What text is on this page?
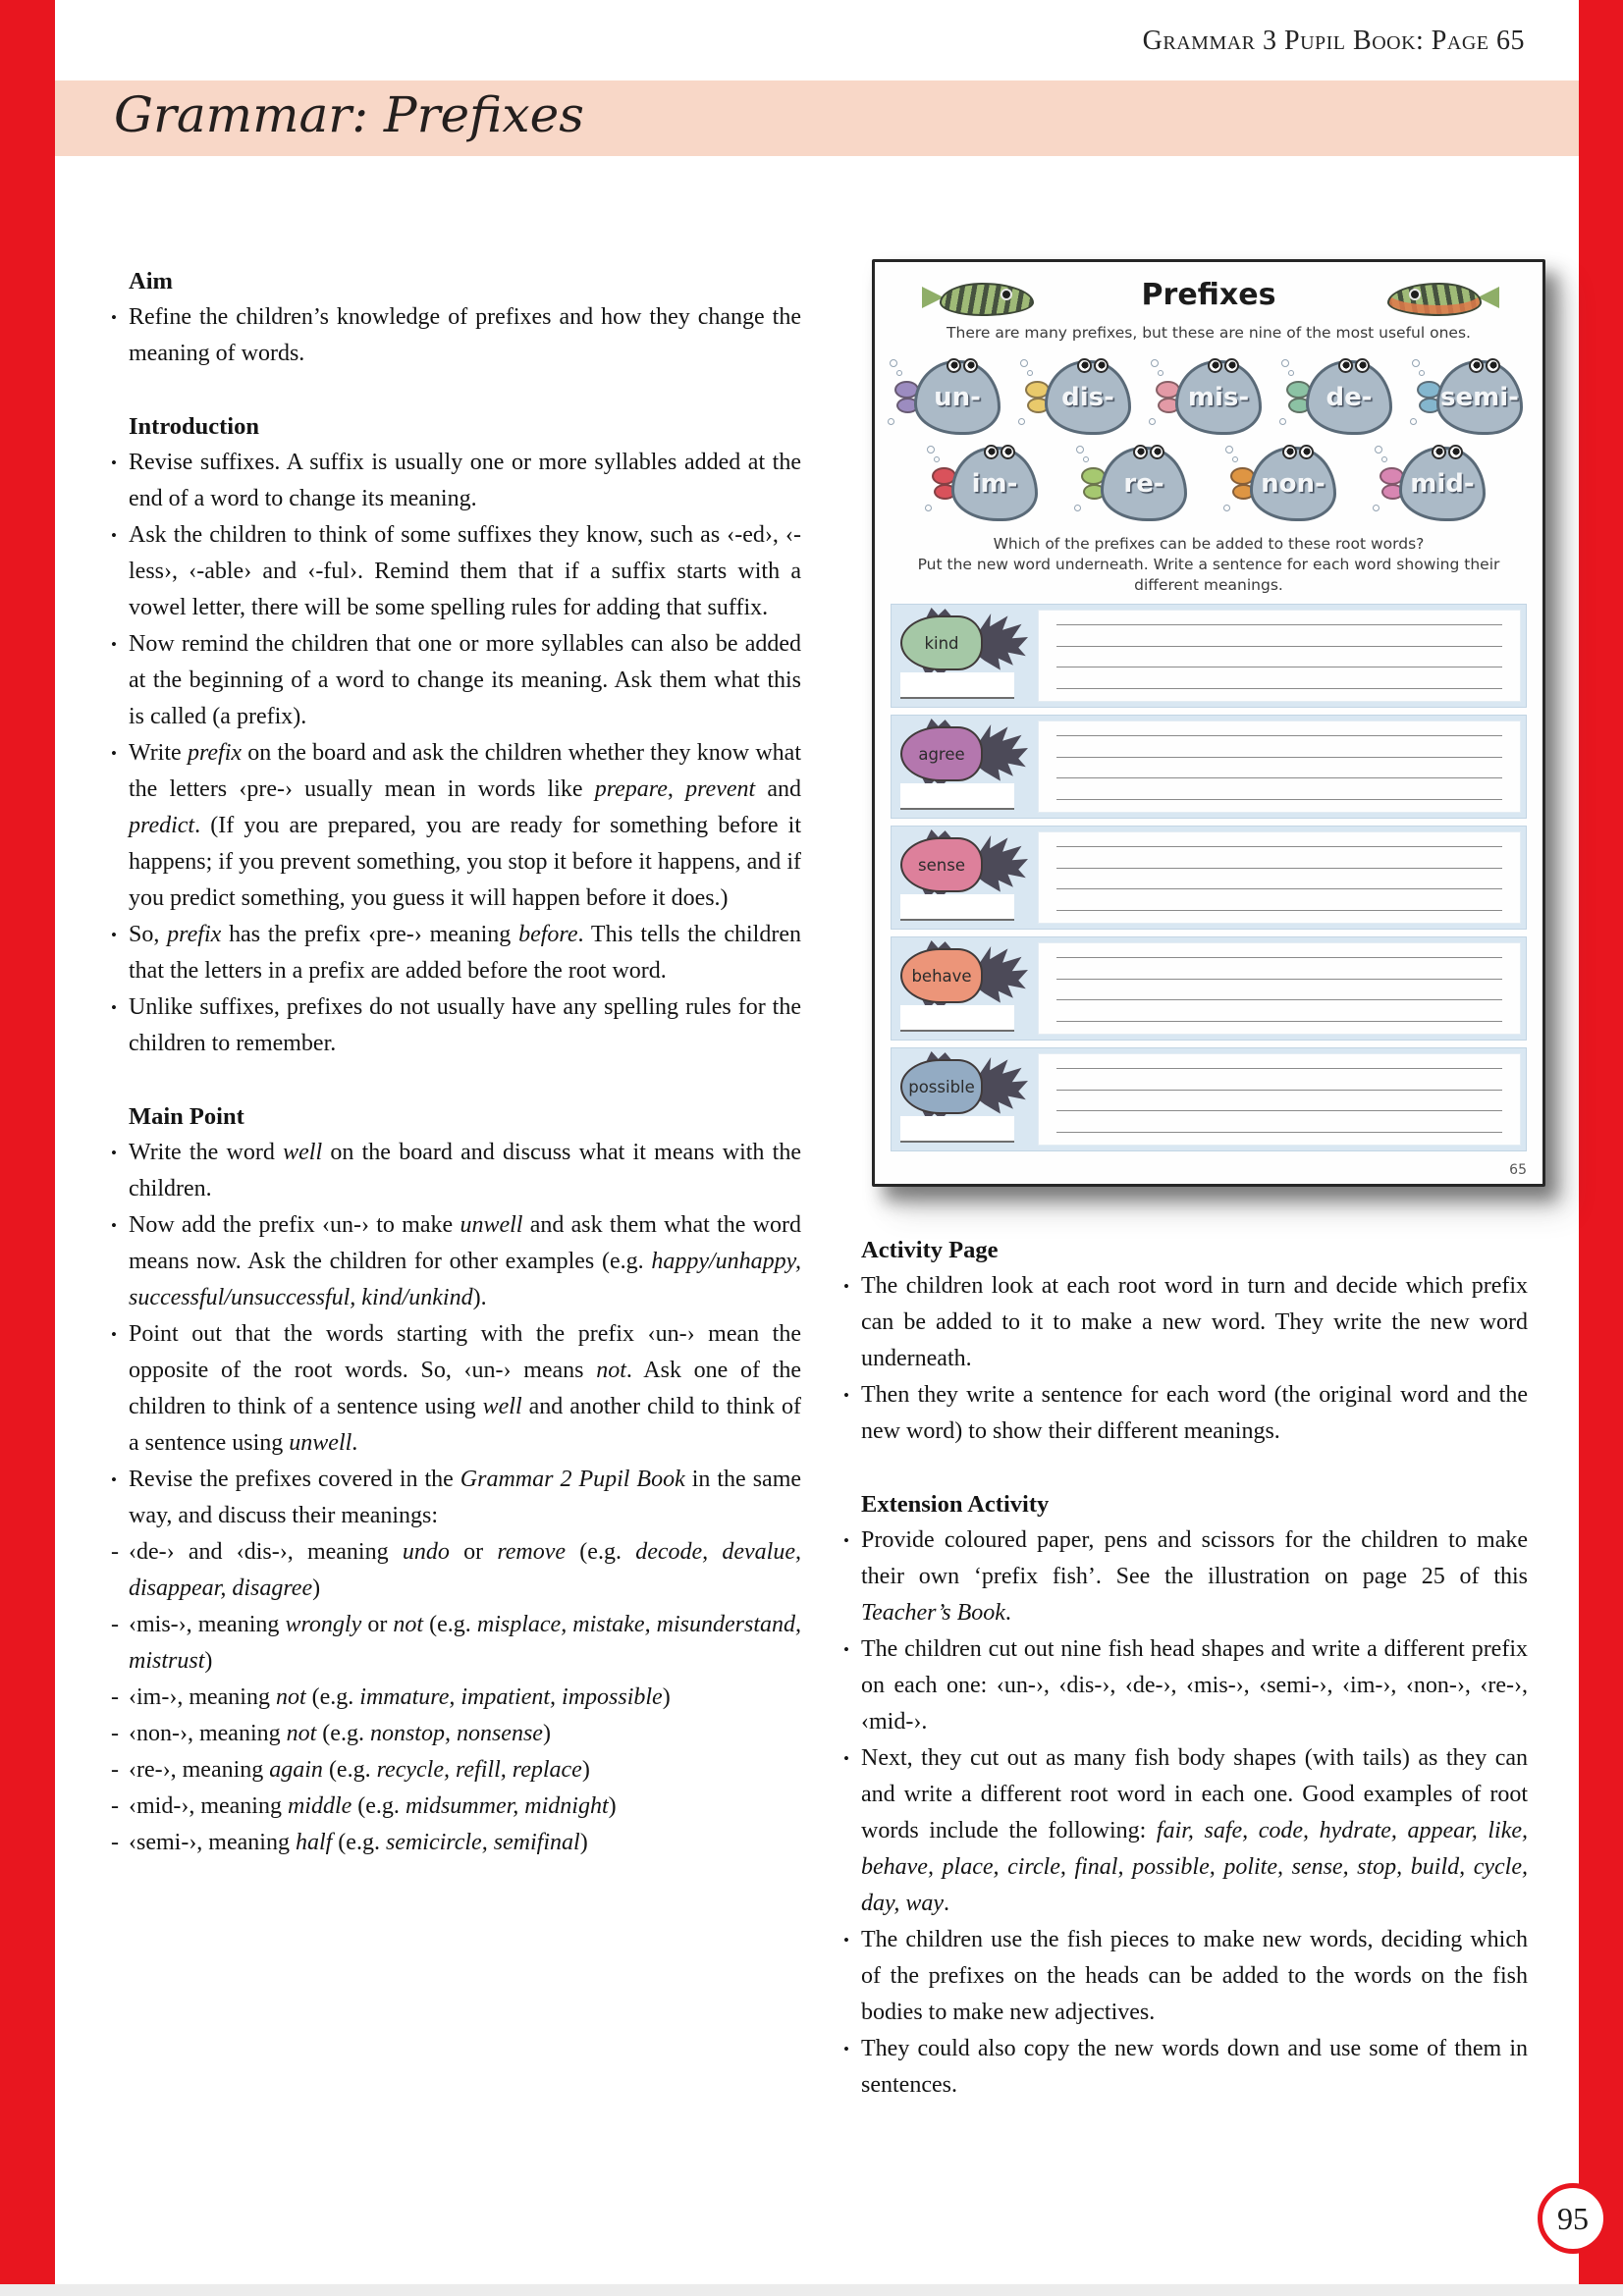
Grammar 3 Pupil Book: Page 65
Grammar: Prefixes
Aim
• Refine the children’s knowledge of prefixes and how they change the meaning of words.
Introduction
• Revise suffixes. A suffix is usually one or more syllables added at the end of a word to change its meaning.
• Ask the children to think of some suffixes they know, such as ‹-ed›, ‹-less›, ‹-able› and ‹-ful›. Remind them that if a suffix starts with a vowel letter, there will be some spelling rules for adding that suffix.
• Now remind the children that one or more syllables can also be added at the beginning of a word to change its meaning. Ask them what this is called (a prefix).
• Write prefix on the board and ask the children whether they know what the letters ‹pre-› usually mean in words like prepare, prevent and predict. (If you are prepared, you are ready for something before it happens; if you prevent something, you stop it before it happens, and if you predict something, you guess it will happen before it does.)
• So, prefix has the prefix ‹pre-› meaning before. This tells the children that the letters in a prefix are added before the root word.
• Unlike suffixes, prefixes do not usually have any spelling rules for the children to remember.
Main Point
• Write the word well on the board and discuss what it means with the children.
• Now add the prefix ‹un-› to make unwell and ask them what the word means now. Ask the children for other examples (e.g. happy/unhappy, successful/unsuccessful, kind/unkind).
• Point out that the words starting with the prefix ‹un-› mean the opposite of the root words. So, ‹un-› means not. Ask one of the children to think of a sentence using well and another child to think of a sentence using unwell.
• Revise the prefixes covered in the Grammar 2 Pupil Book in the same way, and discuss their meanings:
- ‹de-› and ‹dis-›, meaning undo or remove (e.g. decode, devalue, disappear, disagree)
- ‹mis-›, meaning wrongly or not (e.g. misplace, mistake, misunderstand, mistrust)
- ‹im-›, meaning not (e.g. immature, impatient, impossible)
- ‹non-›, meaning not (e.g. nonstop, nonsense)
- ‹re-›, meaning again (e.g. recycle, refill, replace)
- ‹mid-›, meaning middle (e.g. midsummer, midnight)
- ‹semi-›, meaning half (e.g. semicircle, semifinal)
Prefixes
There are many prefixes, but these are nine of the most useful ones.
un-	dis-	mis-	de-	semi-
im-	re-	non-	mid-
Which of the prefixes can be added to these root words?
Put the new word underneath. Write a sentence for each word showing their different meanings.
kind
agree
sense
behave
possible
65
Activity Page
• The children look at each root word in turn and decide which prefix can be added to it to make a new word. They write the new word underneath.
• Then they write a sentence for each word (the original word and the new word) to show their different meanings.
Extension Activity
• Provide coloured paper, pens and scissors for the children to make their own ‘prefix fish’. See the illustration on page 25 of this Teacher’s Book.
• The children cut out nine fish head shapes and write a different prefix on each one: ‹un-›, ‹dis-›, ‹de-›, ‹mis-›, ‹semi-›, ‹im-›, ‹non-›, ‹re-›, ‹mid-›.
• Next, they cut out as many fish body shapes (with tails) as they can and write a different root word in each one. Good examples of root words include the following: fair, safe, code, hydrate, appear, like, behave, place, circle, final, possible, polite, sense, stop, build, cycle, day, way.
• The children use the fish pieces to make new words, deciding which of the prefixes on the heads can be added to the words on the fish bodies to make new adjectives.
• They could also copy the new words down and use some of them in sentences.
95
